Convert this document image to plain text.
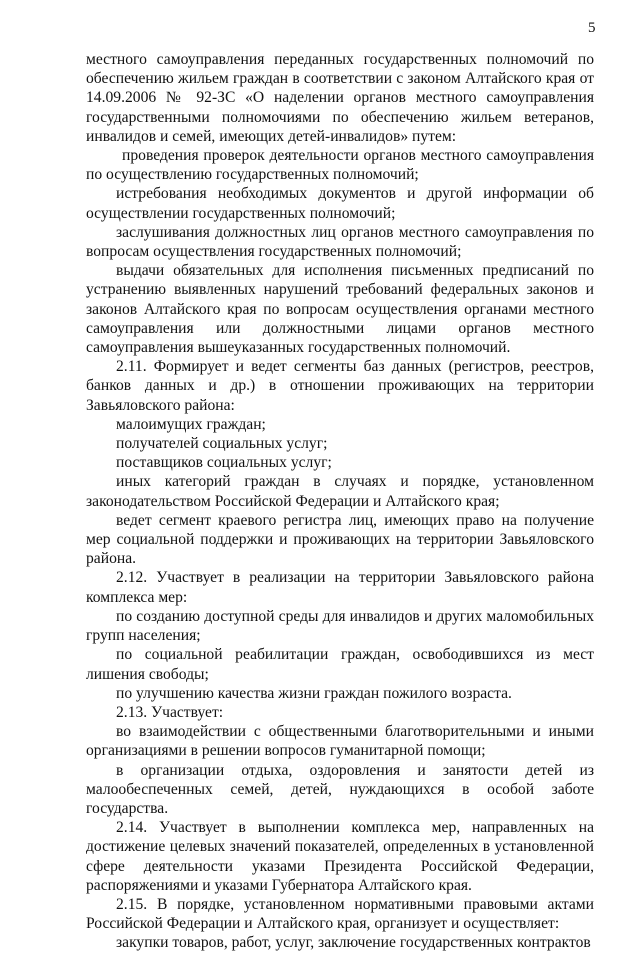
5

местного самоуправления переданных государственных полномочий по обеспечению жильем граждан в соответствии с законом Алтайского края от 14.09.2006 № 92-ЗС «О наделении органов местного самоуправления государственными полномочиями по обеспечению жильем ветеранов, инвалидов и семей, имеющих детей-инвалидов» путем:

проведения проверок деятельности органов местного самоуправления по осуществлению государственных полномочий;

истребования необходимых документов и другой информации об осуществлении государственных полномочий;

заслушивания должностных лиц органов местного самоуправления по вопросам осуществления государственных полномочий;

выдачи обязательных для исполнения письменных предписаний по устранению выявленных нарушений требований федеральных законов и законов Алтайского края по вопросам осуществления органами местного самоуправления или должностными лицами органов местного самоуправления вышеуказанных государственных полномочий.

2.11. Формирует и ведет сегменты баз данных (регистров, реестров, банков данных и др.) в отношении проживающих на территории Завьяловского района:

малоимущих граждан;

получателей социальных услуг;

поставщиков социальных услуг;

иных категорий граждан в случаях и порядке, установленном законодательством Российской Федерации и Алтайского края;

ведет сегмент краевого регистра лиц, имеющих право на получение мер социальной поддержки и проживающих на территории Завьяловского района.

2.12. Участвует в реализации на территории Завьяловского района комплекса мер:

по созданию доступной среды для инвалидов и других маломобильных групп населения;

по социальной реабилитации граждан, освободившихся из мест лишения свободы;

по улучшению качества жизни граждан пожилого возраста.

2.13. Участвует:

во взаимодействии с общественными благотворительными и иными организациями в решении вопросов гуманитарной помощи;

в организации отдыха, оздоровления и занятости детей из малообеспеченных семей, детей, нуждающихся в особой заботе государства.

2.14. Участвует в выполнении комплекса мер, направленных на достижение целевых значений показателей, определенных в установленной сфере деятельности указами Президента Российской Федерации, распоряжениями и указами Губернатора Алтайского края.

2.15. В порядке, установленном нормативными правовыми актами Российской Федерации и Алтайского края, организует и осуществляет:

закупки товаров, работ, услуг, заключение государственных контрактов
